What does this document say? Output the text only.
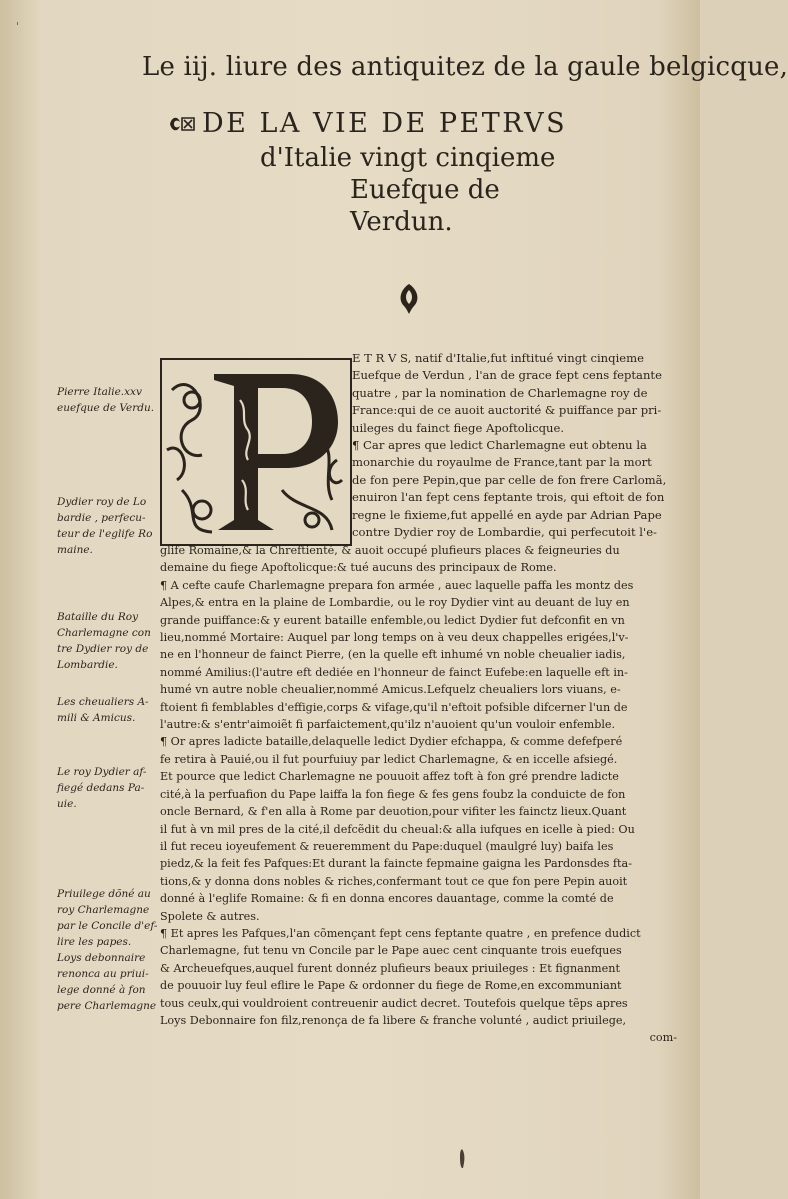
'
Le iij. liure des antiquitez de la gaule belgicque,
DE LA VIE DE PETRVS
d'Italie vingt cinqieme
Euefque de
Verdun.
Pierre Italie.xxv
euefque de Verdu.
Dydier roy de Lo
bardie , perfecu-
teur de l'eglife Ro
maine.
Bataille du Roy
Charlemagne con
tre Dydier roy de
Lombardie.
Les cheualiers A-
mili & Amicus.
Le roy Dydier af-
fiegé dedans Pa-
uie.
Priuilege dõné au
roy Charlemagne
par le Concile d'ef-
lire les papes.
Loys debonnaire
renonca au priui-
lege donné à fon
pere Charlemagne
E T R V S, natif d'Italie,fut inftitué vingt cinqieme
Euefque de Verdun , l'an de grace fept cens feptante
quatre , par la nomination de Charlemagne roy de
France:qui de ce auoit auctorité & puiffance par pri-
uileges du fainct fiege Apoftolicque.
¶ Car apres que ledict Charlemagne eut obtenu la
monarchie du royaulme de France,tant par la mort
de fon pere Pepin,que par celle de fon frere Carlomã,
enuiron l'an fept cens feptante trois, qui eftoit de fon
regne le fixieme,fut appellé en ayde par Adrian Pape
contre Dydier roy de Lombardie, qui perfecutoit l'e-
glife Romaine,& la Chreftienté, & auoit occupé plufieurs places & feigneuries du
demaine du fiege Apoftolicque:& tué aucuns des principaux de Rome.
¶ A cefte caufe Charlemagne prepara fon armée , auec laquelle paffa les montz des
Alpes,& entra en la plaine de Lombardie, ou le roy Dydier vint au deuant de luy en
grande puiffance:& y eurent bataille enfemble,ou ledict Dydier fut defconfit en vn
lieu,nommé Mortaire: Auquel par long temps on à veu deux chappelles erigées,l'v-
ne en l'honneur de fainct Pierre, (en la quelle eft inhumé vn noble cheualier iadis,
nommé Amilius:(l'autre eft dediée en l'honneur de fainct Eufebe:en laquelle eft in-
humé vn autre noble cheualier,nommé Amicus.Lefquelz cheualiers lors viuans, e-
ftoient fi femblables d'effigie,corps & vifage,qu'il n'eftoit pofsible difcerner l'un de
l'autre:& s'entr'aimoiẽt fi parfaictement,qu'ilz n'auoient qu'un vouloir enfemble.
¶ Or apres ladicte bataille,delaquelle ledict Dydier efchappa, & comme defefperé
fe retira à Pauié,ou il fut pourfuiuy par ledict Charlemagne, & en iccelle afsiegé.
Et pource que ledict Charlemagne ne pouuoit affez toft à fon gré prendre ladicte
cité,à la perfuafion du Pape laiffa la fon fiege & fes gens foubz la conduicte de fon
oncle Bernard, & f'en alla à Rome par deuotion,pour vifiter les fainctz lieux.Quant
il fut à vn mil pres de la cité,il defcẽdit du cheual:& alla iufques en icelle à pied: Ou
il fut receu ioyeufement & reueremment du Pape:duquel (maulgré luy) baifa les
piedz,& la feit fes Pafques:Et durant la faincte fepmaine gaigna les Pardonsdes fta-
tions,& y donna dons nobles & riches,confermant tout ce que fon pere Pepin auoit
donné à l'eglife Romaine: & fi en donna encores dauantage, comme la comté de
Spolete & autres.
¶ Et apres les Pafques,l'an cõmençant fept cens feptante quatre , en prefence dudict
Charlemagne, fut tenu vn Concile par le Pape auec cent cinquante trois euefques
& Archeuefques,auquel furent donnéz plufieurs beaux priuileges : Et fignanment
de pouuoir luy feul eflire le Pape & ordonner du fiege de Rome,en excommuniant
tous ceulx,qui vouldroient contreuenir audict decret. Toutefois quelque tẽps apres
Loys Debonnaire fon filz,renonça de fa libere & franche volunté , audict priuilege,
com-
